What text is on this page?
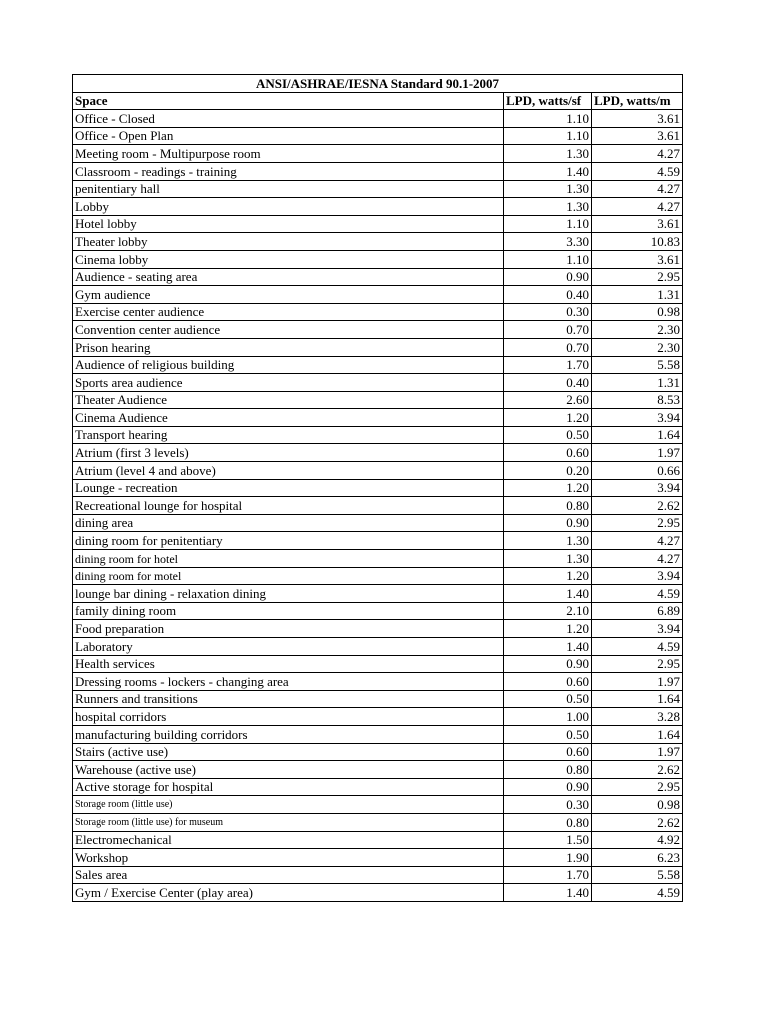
ANSI/ASHRAE/IESNA Standard 90.1-2007		
Space	LPD, watts/sf	LPD, watts/m
Office - Closed	1.10	3.61
Office - Open Plan	1.10	3.61
Meeting room - Multipurpose room	1.30	4.27
Classroom - readings - training	1.40	4.59
penitentiary hall	1.30	4.27
Lobby	1.30	4.27
Hotel lobby	1.10	3.61
Theater lobby	3.30	10.83
Cinema lobby	1.10	3.61
Audience - seating area	0.90	2.95
Gym audience	0.40	1.31
Exercise center audience	0.30	0.98
Convention center audience	0.70	2.30
Prison hearing	0.70	2.30
Audience of religious building	1.70	5.58
Sports area audience	0.40	1.31
Theater Audience	2.60	8.53
Cinema Audience	1.20	3.94
Transport hearing	0.50	1.64
Atrium (first 3 levels)	0.60	1.97
Atrium (level 4 and above)	0.20	0.66
Lounge - recreation	1.20	3.94
Recreational lounge for hospital	0.80	2.62
dining area	0.90	2.95
dining room for penitentiary	1.30	4.27
dining room for hotel	1.30	4.27
dining room for motel	1.20	3.94
lounge bar dining - relaxation dining	1.40	4.59
family dining room	2.10	6.89
Food preparation	1.20	3.94
Laboratory	1.40	4.59
Health services	0.90	2.95
Dressing rooms - lockers - changing area	0.60	1.97
Runners and transitions	0.50	1.64
hospital corridors	1.00	3.28
manufacturing building corridors	0.50	1.64
Stairs (active use)	0.60	1.97
Warehouse (active use)	0.80	2.62
Active storage for hospital	0.90	2.95
Storage room (little use)	0.30	0.98
Storage room (little use) for museum	0.80	2.62
Electromechanical	1.50	4.92
Workshop	1.90	6.23
Sales area	1.70	5.58
Gym / Exercise Center (play area)	1.40	4.59
